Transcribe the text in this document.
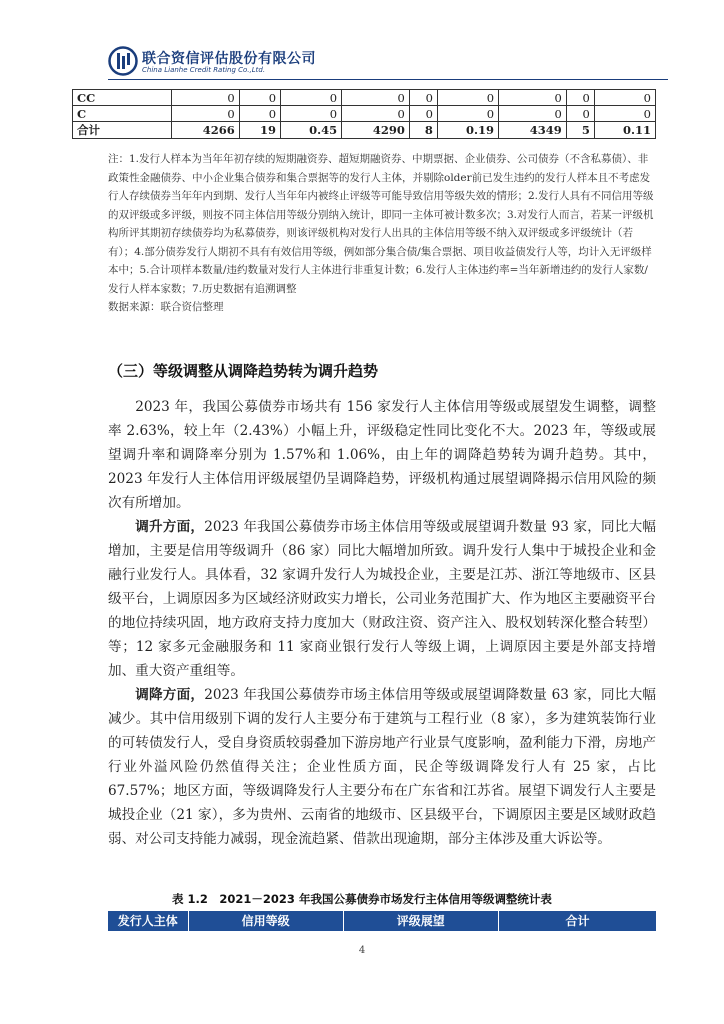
联合资信评估股份有限公司
China Lianhe Credit Rating Co.,Ltd.
CC	0	0	0	0	0	0	0	0	0
C	0	0	0	0	0	0	0	0	0
合计	4266	19	0.45	4290	8	0.19	4349	5	0.11

注：1.发行人样本为当年年初存续的短期融资券、超短期融资券、中期票据、企业债券、公司债券（不含私募债）、非政策性金融债券、中小企业集合债券和集合票据等的发行人主体，并剔除older前已发生违约的发行人样本且不考虑发行人存续债券当年年内到期、发行人当年年内被终止评级等可能导致信用等级失效的情形；2.发行人具有不同信用等级的双评级或多评级，则按不同主体信用等级分别纳入统计，即同一主体可被计数多次；3.对发行人而言，若某一评级机构所评其期初存续债券均为私募债券，则该评级机构对发行人出具的主体信用等级不纳入双评级或多评级统计（若有）；4.部分债券发行人期初不具有有效信用等级，例如部分集合债/集合票据、项目收益债发行人等，均计入无评级样本中；5.合计项样本数量/违约数量对发行人主体进行非重复计数；6.发行人主体违约率=当年新增违约的发行人家数/发行人样本家数；7.历史数据有追溯调整

数据来源：联合资信整理

（三）等级调整从调降趋势转为调升趋势

2023 年，我国公募债券市场共有 156 家发行人主体信用等级或展望发生调整，调整率 2.63%，较上年（2.43%）小幅上升，评级稳定性同比变化不大。2023 年，等级或展望调升率和调降率分别为 1.57%和 1.06%，由上年的调降趋势转为调升趋势。其中，2023 年发行人主体信用评级展望仍呈调降趋势，评级机构通过展望调降揭示信用风险的频次有所增加。

调升方面，2023 年我国公募债券市场主体信用等级或展望调升数量 93 家，同比大幅增加，主要是信用等级调升（86 家）同比大幅增加所致。调升发行人集中于城投企业和金融行业发行人。具体看，32 家调升发行人为城投企业，主要是江苏、浙江等地级市、区县级平台，上调原因多为区域经济财政实力增长，公司业务范围扩大、作为地区主要融资平台的地位持续巩固，地方政府支持力度加大（财政注资、资产注入、股权划转深化整合转型）等；12 家多元金融服务和 11 家商业银行发行人等级上调，上调原因主要是外部支持增加、重大资产重组等。

调降方面，2023 年我国公募债券市场主体信用等级或展望调降数量 63 家，同比大幅减少。其中信用级别下调的发行人主要分布于建筑与工程行业（8 家），多为建筑装饰行业的可转债发行人，受自身资质较弱叠加下游房地产行业景气度影响，盈利能力下滑，房地产行业外溢风险仍然值得关注；企业性质方面，民企等级调降发行人有 25 家，占比 67.57%；地区方面，等级调降发行人主要分布在广东省和江苏省。展望下调发行人主要是城投企业（21 家），多为贵州、云南省的地级市、区县级平台，下调原因主要是区域财政趋弱、对公司支持能力减弱，现金流趋紧、借款出现逾期，部分主体涉及重大诉讼等。

表 1.2　2021－2023 年我国公募债券市场发行主体信用等级调整统计表
发行人主体	信用等级	评级展望	合计
4
